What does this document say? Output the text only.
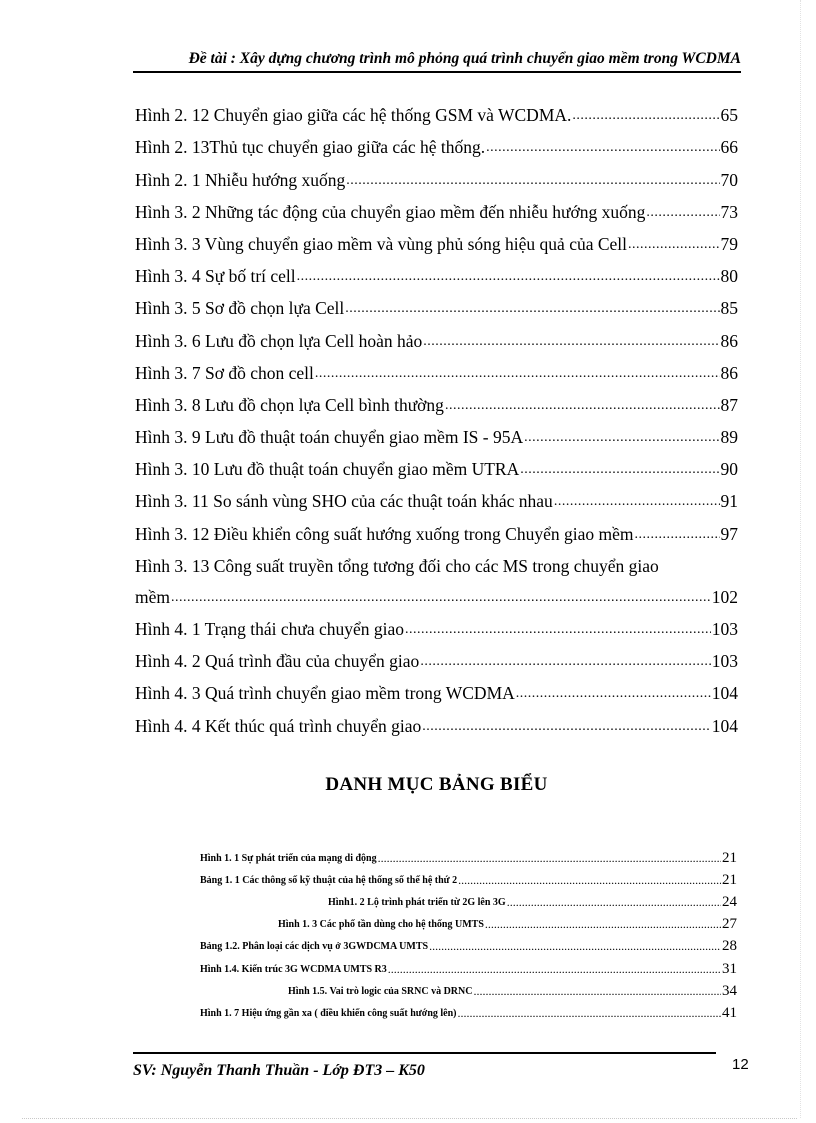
Đề tài : Xây dựng chương trình mô phỏng quá trình chuyển giao mềm trong WCDMA
Hình 2. 12 Chuyển giao giữa các hệ thống GSM và WCDMA. .....	65
Hình 2. 13Thủ tục chuyển giao giữa các hệ thống. .....	66
Hình 2. 1 Nhiễu hướng xuống .....	70
Hình 3. 2 Những tác động của chuyển giao mềm đến nhiễu hướng xuống .....	73
Hình 3. 3 Vùng chuyển giao mềm và vùng phủ sóng hiệu quả của Cell .....	79
Hình 3. 4 Sự bố trí cell .....	80
Hình 3. 5 Sơ đồ chọn lựa Cell .....	85
Hình 3. 6 Lưu đồ chọn lựa Cell hoàn hảo .....	86
Hình 3. 7 Sơ đồ chon cell .....	86
Hình 3. 8 Lưu đồ chọn lựa Cell bình thường .....	87
Hình 3. 9 Lưu đồ thuật toán chuyển giao mềm IS - 95A .....	89
Hình 3. 10 Lưu đồ thuật toán chuyển giao mềm UTRA .....	90
Hình 3. 11 So sánh vùng SHO của các thuật toán khác nhau .....	91
Hình 3. 12 Điều khiển công suất hướng xuống trong Chuyển giao mềm .....	97
Hình 3. 13 Công suất truyền tổng tương đối cho các MS trong chuyển giao
mềm .....	102
Hình 4. 1 Trạng thái chưa chuyển giao .....	103
Hình 4. 2 Quá trình đầu của chuyển giao .....	103
Hình 4. 3 Quá trình chuyển giao mềm trong WCDMA .....	104
Hình 4. 4 Kết thúc quá trình chuyển giao .....	104
DANH MỤC BẢNG BIỂU
Hình 1. 1 Sự phát triển của mạng di động .....	21
Bảng 1. 1 Các thông số kỹ thuật của hệ thống số thế hệ thứ 2 .....	21
Hình1. 2 Lộ trình phát triển từ 2G lên 3G .....	24
Hình 1. 3 Các phổ tần dùng cho hệ thống UMTS .....	27
Bảng 1.2. Phân loại các dịch vụ ở 3GWDCMA UMTS .....	28
Hình 1.4. Kiến trúc 3G WCDMA UMTS R3 .....	31
Hình 1.5. Vai trò logic của SRNC và DRNC .....	34
Hình 1. 7 Hiệu ứng gần xa ( điều khiển công suất hướng lên) .....	41
SV: Nguyễn Thanh Thuần - Lớp ĐT3 – K50	12
